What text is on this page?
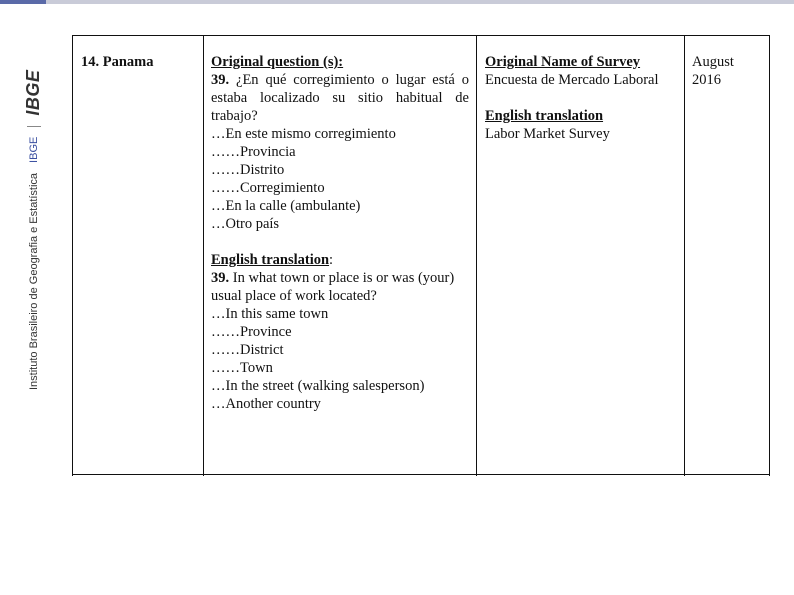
Instituto Brasileiro de Geografia e Estatística
IBGE
IBGE
14. Panama	Original question (s):
39. ¿En qué corregimiento o lugar está o estaba localizado su sitio habitual de trabajo?
…En este mismo corregimiento
……Provincia
……Distrito
……Corregimiento
…En la calle (ambulante)
…Otro país
English translation:
39. In what town or place is or was (your) usual place of work located?
…In this same town
……Province
……District
……Town
…In the street (walking salesperson)
…Another country
Original Name of Survey
Encuesta de Mercado Laboral
English translation
Labor Market Survey
August
2016
